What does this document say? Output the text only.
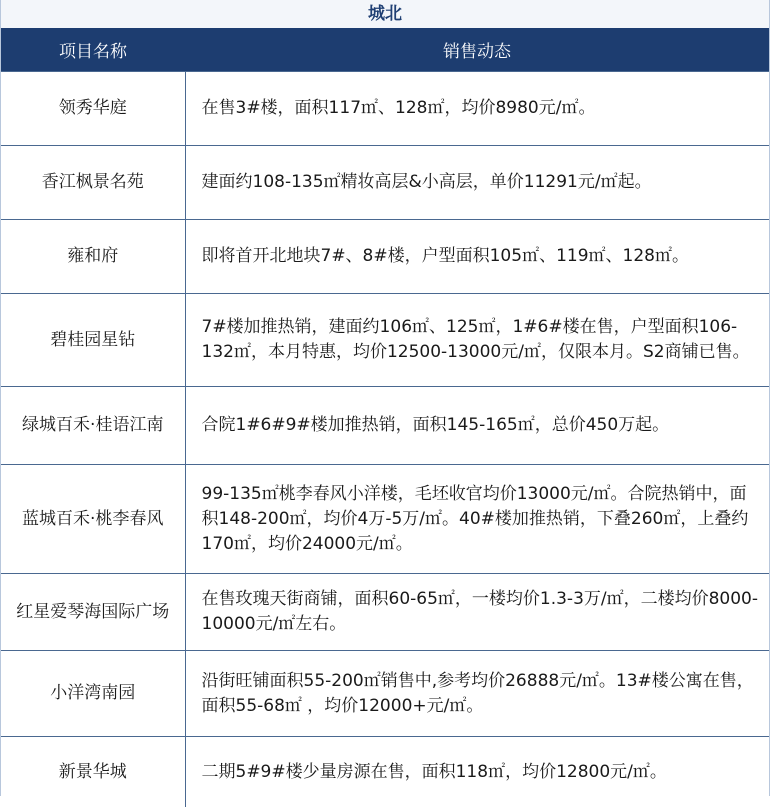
城北
项目名称	销售动态
领秀华庭	在售3#楼，面积117㎡、128㎡，均价8980元/㎡。
香江枫景名苑	建面约108-135㎡精妆高层&小高层，单价11291元/㎡起。
雍和府	即将首开北地块7#、8#楼，户型面积105㎡、119㎡、128㎡。
碧桂园星钻	7#楼加推热销，建面约106㎡、125㎡，1#6#楼在售，户型面积106-132㎡，本月特惠，均价12500-13000元/㎡，仅限本月。S2商铺已售。
绿城百禾·桂语江南	合院1#6#9#楼加推热销，面积145-165㎡，总价450万起。
蓝城百禾·桃李春风	99-135㎡桃李春风小洋楼，毛坯收官均价13000元/㎡。合院热销中，面积148-200㎡，均价4万-5万/㎡。40#楼加推热销，下叠260㎡，上叠约170㎡，均价24000元/㎡。
红星爱琴海国际广场	在售玫瑰天街商铺，面积60-65㎡，一楼均价1.3-3万/㎡，二楼均价8000-10000元/㎡左右。
小洋湾南园	沿街旺铺面积55-200㎡销售中,参考均价26888元/㎡。13#楼公寓在售，面积55-68㎡ ，均价12000+元/㎡。
新景华城	二期5#9#楼少量房源在售，面积118㎡，均价12800元/㎡。
